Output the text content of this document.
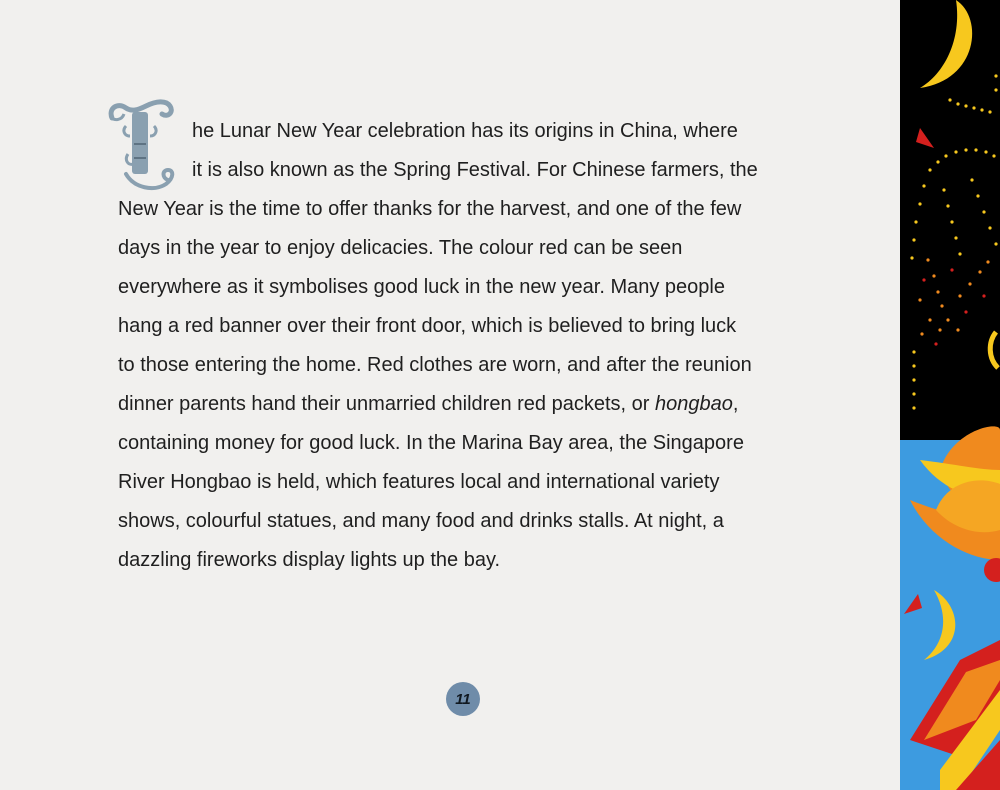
he Lunar New Year celebration has its origins in China, where
it is also known as the Spring Festival. For Chinese farmers, the
New Year is the time to offer thanks for the harvest, and one of the few
days in the year to enjoy delicacies. The colour red can be seen
everywhere as it symbolises good luck in the new year. Many people
hang a red banner over their front door, which is believed to bring luck
to those entering the home. Red clothes are worn, and after the reunion
dinner parents hand their unmarried children red packets, or hongbao,
containing money for good luck. In the Marina Bay area, the Singapore
River Hongbao is held, which features local and international variety
shows, colourful statues, and many food and drinks stalls. At night, a
dazzling fireworks display lights up the bay.
11
